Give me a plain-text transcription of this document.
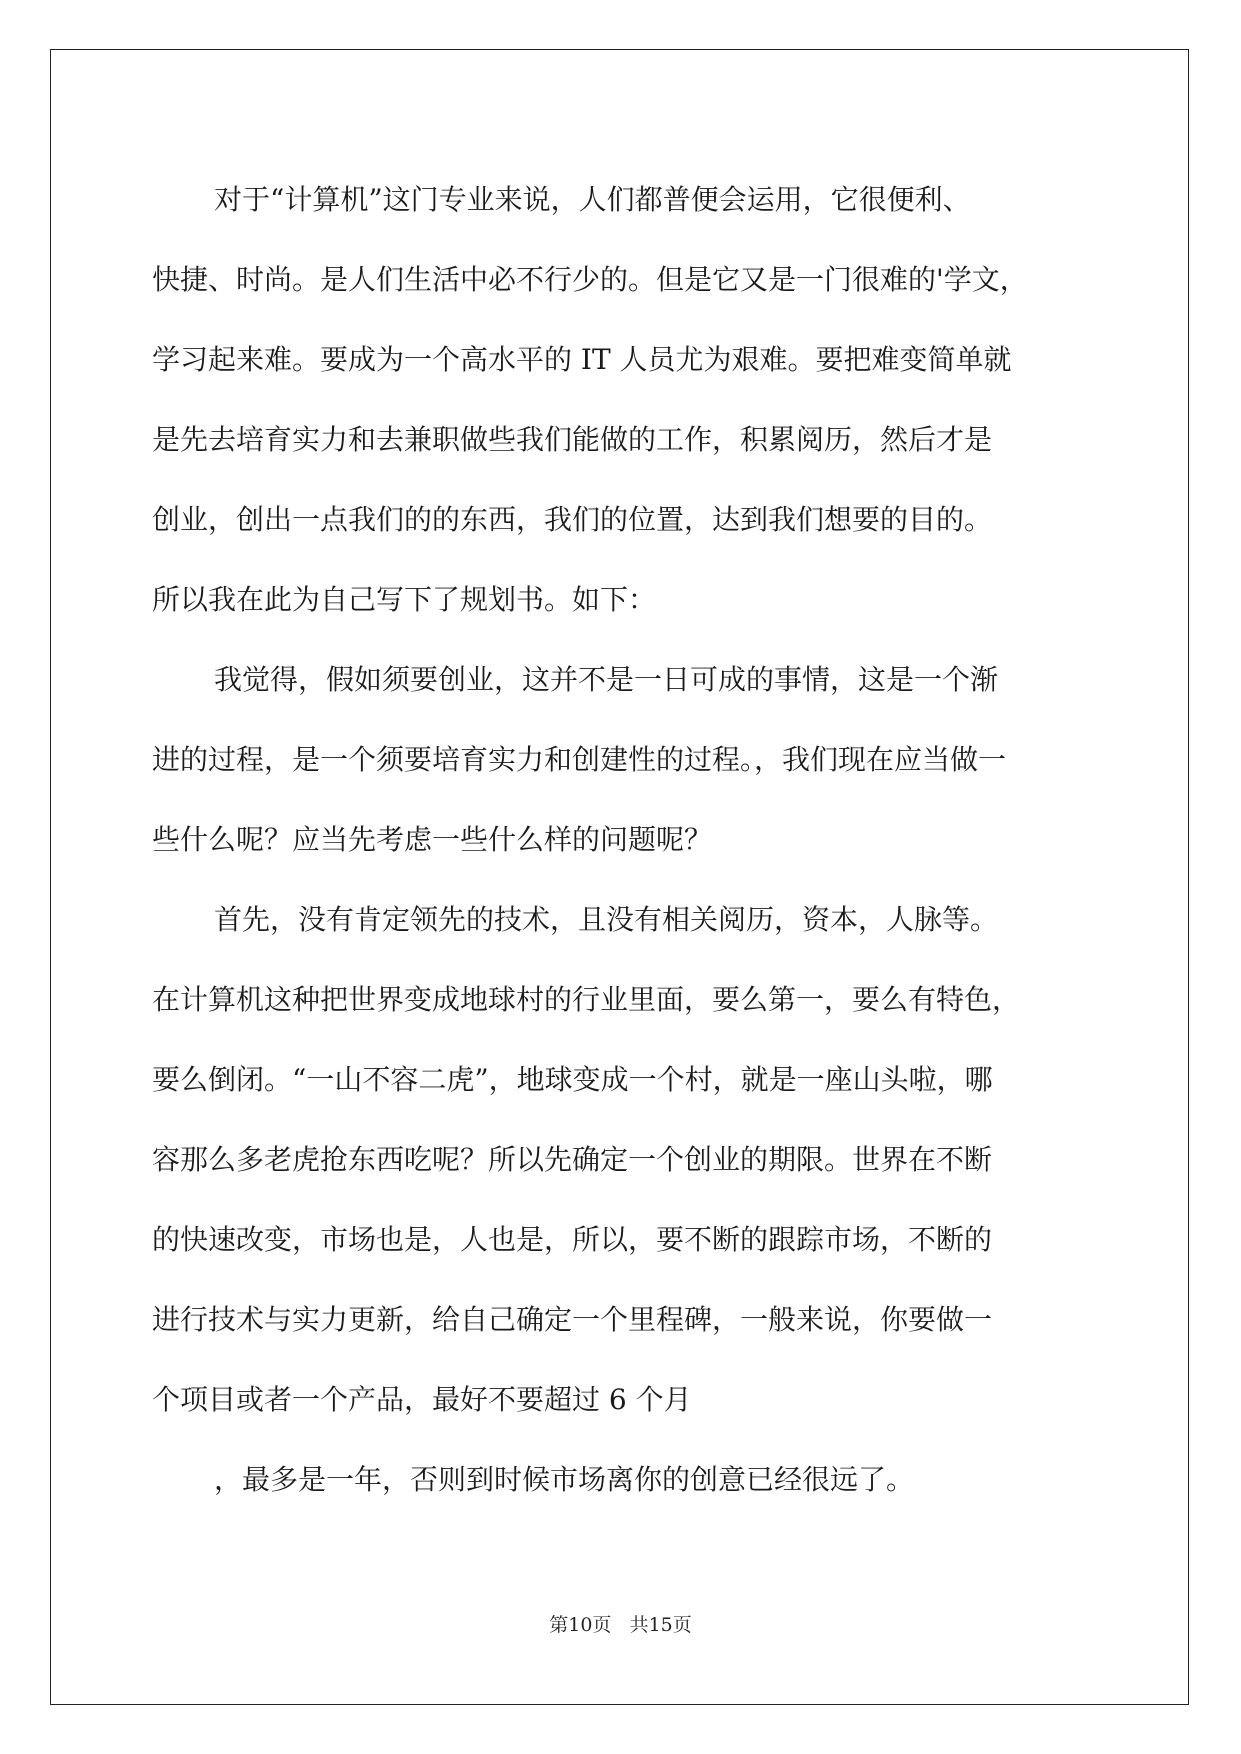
对于“计算机”这门专业来说，人们都普便会运用，它很便利、
快捷、时尚。是人们生活中必不行少的。但是它又是一门很难的'学文，
学习起来难。要成为一个高水平的 IT 人员尤为艰难。要把难变简单就
是先去培育实力和去兼职做些我们能做的工作，积累阅历，然后才是
创业，创出一点我们的的东西，我们的位置，达到我们想要的目的。
所以我在此为自己写下了规划书。如下：
我觉得，假如须要创业，这并不是一日可成的事情，这是一个渐
进的过程，是一个须要培育实力和创建性的过程。，我们现在应当做一
些什么呢？应当先考虑一些什么样的问题呢？
首先，没有肯定领先的技术，且没有相关阅历，资本，人脉等。
在计算机这种把世界变成地球村的行业里面，要么第一，要么有特色，
要么倒闭。“一山不容二虎”，地球变成一个村，就是一座山头啦，哪
容那么多老虎抢东西吃呢？所以先确定一个创业的期限。世界在不断
的快速改变，市场也是，人也是，所以，要不断的跟踪市场，不断的
进行技术与实力更新，给自己确定一个里程碑，一般来说，你要做一
个项目或者一个产品，最好不要超过 6 个月
，最多是一年，否则到时候市场离你的创意已经很远了。
第10页 共15页
